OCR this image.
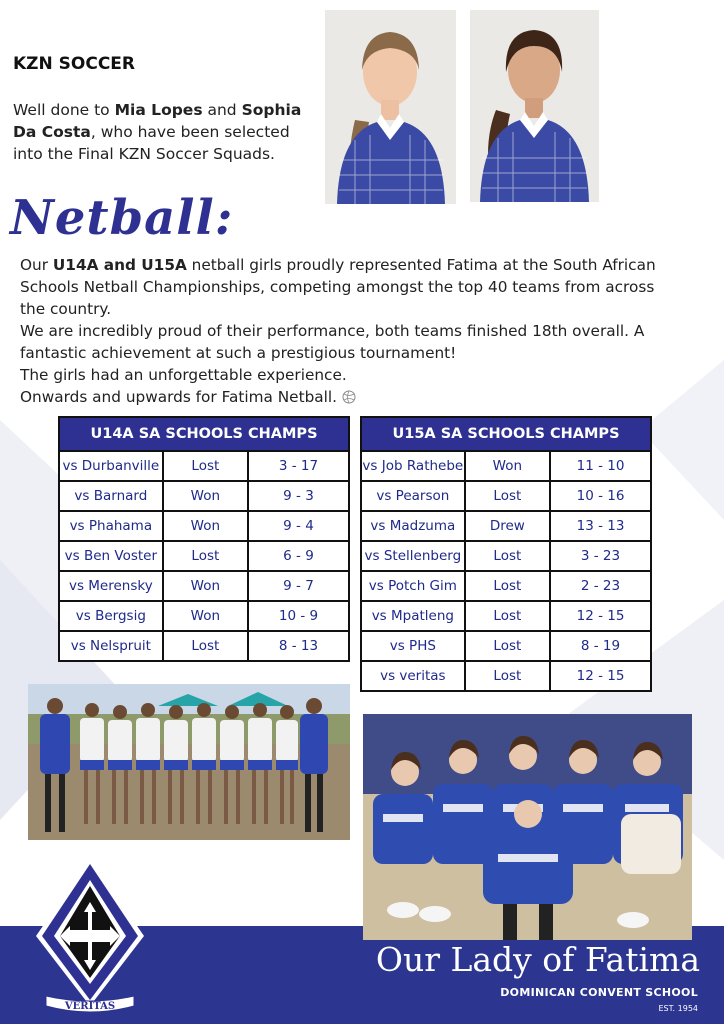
KZN SOCCER

Well done to Mia Lopes and Sophia Da Costa, who have been selected into the Final KZN Soccer Squads.

Netball:

Our U14A and U15A netball girls proudly represented Fatima at the South African Schools Netball Championships, competing amongst the top 40 teams from across the country.

We are incredibly proud of their performance, both teams finished 18th overall. A fantastic achievement at such a prestigious tournament!

The girls had an unforgettable experience.

Onwards and upwards for Fatima Netball.

U14A SA SCHOOLS CHAMPS		
vs Durbanville	Lost	3 - 17
vs Barnard	Won	9 - 3
vs Phahama	Won	9 - 4
vs Ben Voster	Lost	6 - 9
vs Merensky	Won	9 - 7
vs Bergsig	Won	10 - 9
vs Nelspruit	Lost	8 - 13
U15A SA SCHOOLS CHAMPS		
vs Job Rathebe	Won	11 - 10
vs Pearson	Lost	10 - 16
vs Madzuma	Drew	13 - 13
vs Stellenberg	Lost	3 - 23
vs Potch Gim	Lost	2 - 23
vs Mpatleng	Lost	12 - 15
vs PHS	Lost	8 - 19
vs veritas	Lost	12 - 15

Our Lady of Fatima

DOMINICAN CONVENT SCHOOL

EST. 1954

VERITAS
